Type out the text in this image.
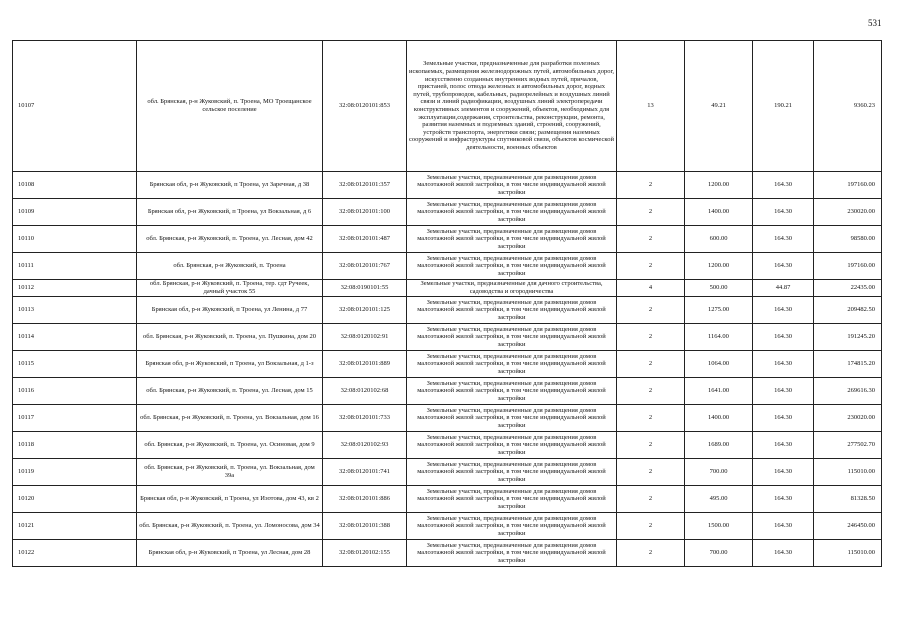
531
10107	обл. Брянская, р-н Жуковский, п. Троена, МО Троещанское сельское поселение	32:08:0120101:853	Земельные участки, предназначенные для разработки полезных ископаемых, размещения железнодорожных путей, автомобильных дорог, искусственно созданных внутренних водных путей, причалов, пристаней, полос отвода железных и автомобильных дорог, водных путей, трубопроводов, кабельных, радиорелейных и воздушных линий связи и линий радиофикации, воздушных линий электропередачи конструктивных элементов и сооружений, объектов, необходимых для эксплуатации,содержания, строительства, реконструкции, ремонта, развития наземных и подземных зданий, строений, сооружений, устройств транспорта, энергетики связи; размещения наземных сооружений и инфраструктуры спутниковой связи, объектов космической деятельности, военных объектов	13	49.21	190.21	9360.23
10108	Брянская обл, р-н Жуковский, п Троена, ул Заречная, д 38	32:08:0120101:357	Земельные участки, предназначенные для размещения домов малоэтажной жилой застройки, в том числе индивидуальной жилой застройки	2	1200.00	164.30	197160.00
10109	Брянская обл, р-н Жуковский, п Троена, ул Вокзальная, д 6	32:08:0120101:100	Земельные участки, предназначенные для размещения домов малоэтажной жилой застройки, в том числе индивидуальной жилой застройки	2	1400.00	164.30	230020.00
10110	обл. Брянская, р-н Жуковский, п. Троена, ул. Лесная, дом 42	32:08:0120101:487	Земельные участки, предназначенные для размещения домов малоэтажной жилой застройки, в том числе индивидуальной жилой застройки	2	600.00	164.30	98580.00
10111	обл. Брянская, р-н Жуковский, п. Троена	32:08:0120101:767	Земельные участки, предназначенные для размещения домов малоэтажной жилой застройки, в том числе индивидуальной жилой застройки	2	1200.00	164.30	197160.00
10112	обл. Брянская, р-н Жуковский, п. Троена, тер. сдт Ручеек, дачный участок 55	32:08:0190101:55	Земельные участки, предназначенные для дачного строительства, садоводства и огородничества	4	500.00	44.87	22435.00
10113	Брянская обл, р-н Жуковский, п Троена, ул Ленина, д 77	32:08:0120101:125	Земельные участки, предназначенные для размещения домов малоэтажной жилой застройки, в том числе индивидуальной жилой застройки	2	1275.00	164.30	209482.50
10114	обл. Брянская, р-н Жуковский, п. Троена, ул. Пушкина, дом 20	32:08:0120102:91	Земельные участки, предназначенные для размещения домов малоэтажной жилой застройки, в том числе индивидуальной жилой застройки	2	1164.00	164.30	191245.20
10115	Брянская обл, р-н Жуковский, п Троена, ул Вокзальная, д 1-з	32:08:0120101:889	Земельные участки, предназначенные для размещения домов малоэтажной жилой застройки, в том числе индивидуальной жилой застройки	2	1064.00	164.30	174815.20
10116	обл. Брянская, р-н Жуковский, п. Троена, ул. Лесная, дом 15	32:08:0120102:68	Земельные участки, предназначенные для размещения домов малоэтажной жилой застройки, в том числе индивидуальной жилой застройки	2	1641.00	164.30	269616.30
10117	обл. Брянская, р-н Жуковский, п. Троена, ул. Вокзальная, дом 16	32:08:0120101:733	Земельные участки, предназначенные для размещения домов малоэтажной жилой застройки, в том числе индивидуальной жилой застройки	2	1400.00	164.30	230020.00
10118	обл. Брянская, р-н Жуковский, п. Троена, ул. Осиновая, дом 9	32:08:0120102:93	Земельные участки, предназначенные для размещения домов малоэтажной жилой застройки, в том числе индивидуальной жилой застройки	2	1689.00	164.30	277502.70
10119	обл. Брянская, р-н Жуковский, п. Троена, ул. Вокзальная, дом 39а	32:08:0120101:741	Земельные участки, предназначенные для размещения домов малоэтажной жилой застройки, в том числе индивидуальной жилой застройки	2	700.00	164.30	115010.00
10120	Брянская обл, р-н Жуковский, п Троена, ул Изотова, дом 43, кв 2	32:08:0120101:886	Земельные участки, предназначенные для размещения домов малоэтажной жилой застройки, в том числе индивидуальной жилой застройки	2	495.00	164.30	81328.50
10121	обл. Брянская, р-н Жуковский, п. Троена, ул. Ломоносова, дом 34	32:08:0120101:388	Земельные участки, предназначенные для размещения домов малоэтажной жилой застройки, в том числе индивидуальной жилой застройки	2	1500.00	164.30	246450.00
10122	Брянская обл, р-н Жуковский, п Троена, ул Лесная, дом 28	32:08:0120102:155	Земельные участки, предназначенные для размещения домов малоэтажной жилой застройки, в том числе индивидуальной жилой застройки	2	700.00	164.30	115010.00
